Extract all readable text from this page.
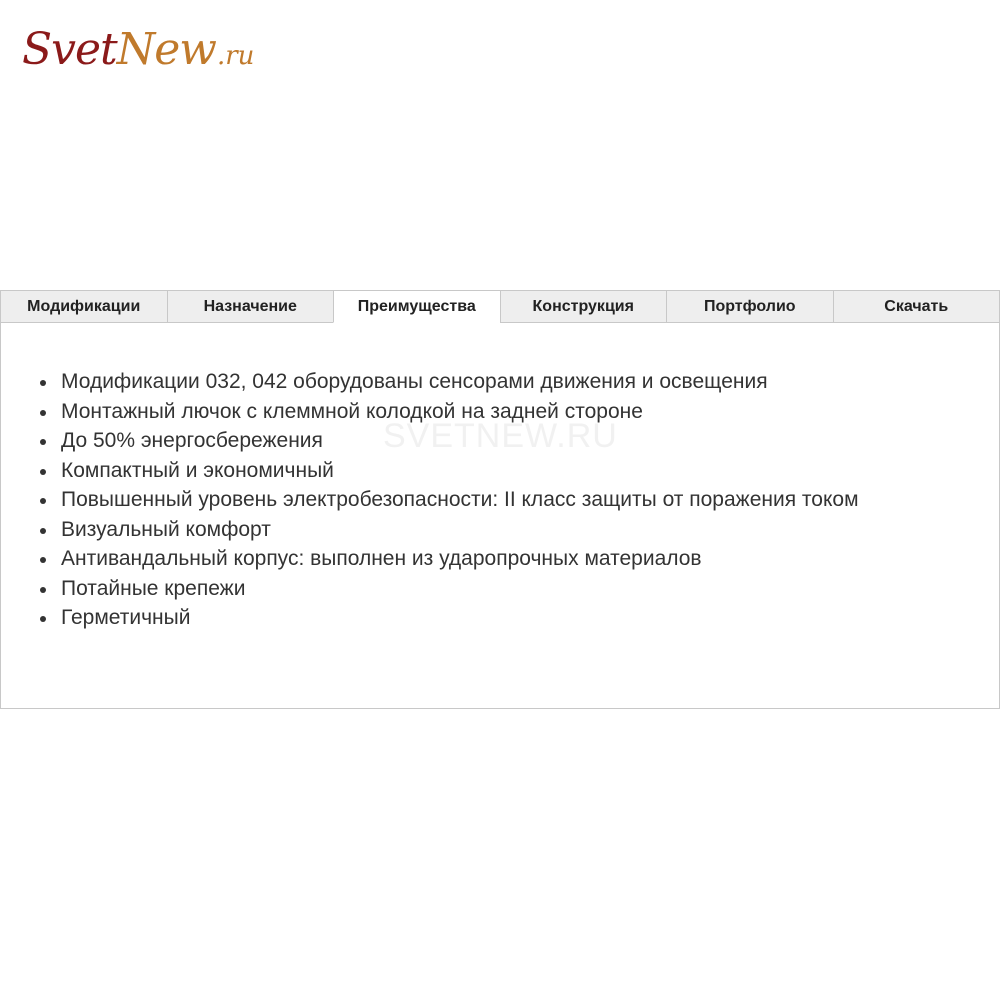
Svet New .ru
Модификации	Назначение	Преимущества	Конструкция	Портфолио	Скачать
SVETNEW.RU
Модификации 032, 042 оборудованы сенсорами движения и освещения
Монтажный лючок с клеммной колодкой на задней стороне
До 50% энергосбережения
Компактный и экономичный
Повышенный уровень электробезопасности: II класс защиты от поражения током
Визуальный комфорт
Антивандальный корпус: выполнен из ударопрочных материалов
Потайные крепежи
Герметичный
